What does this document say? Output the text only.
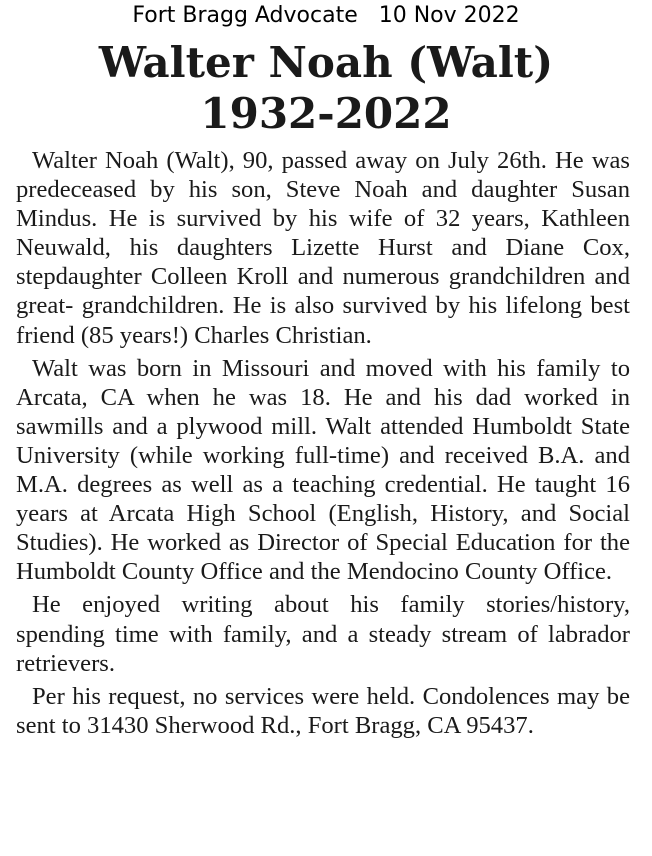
Fort Bragg Advocate 10 Nov 2022
Walter Noah (Walt)
1932-2022

Walter Noah (Walt), 90, passed away on July 26th. He was predeceased by his son, Steve Noah and daughter Susan Mindus. He is survived by his wife of 32 years, Kathleen Neuwald, his daughters Lizette Hurst and Diane Cox, stepdaughter Colleen Kroll and numerous grandchildren and great- grandchildren. He is also survived by his lifelong best friend (85 years!) Charles Christian.

Walt was born in Missouri and moved with his family to Arcata, CA when he was 18. He and his dad worked in sawmills and a plywood mill. Walt attended Humboldt State University (while working full-time) and received B.A. and M.A. degrees as well as a teaching credential. He taught 16 years at Arcata High School (English, History, and Social Studies). He worked as Director of Special Education for the Humboldt County Office and the Mendocino County Office.

He enjoyed writing about his family stories/history, spending time with family, and a steady stream of labrador retrievers.

Per his request, no services were held. Condolences may be sent to 31430 Sherwood Rd., Fort Bragg, CA 95437.
